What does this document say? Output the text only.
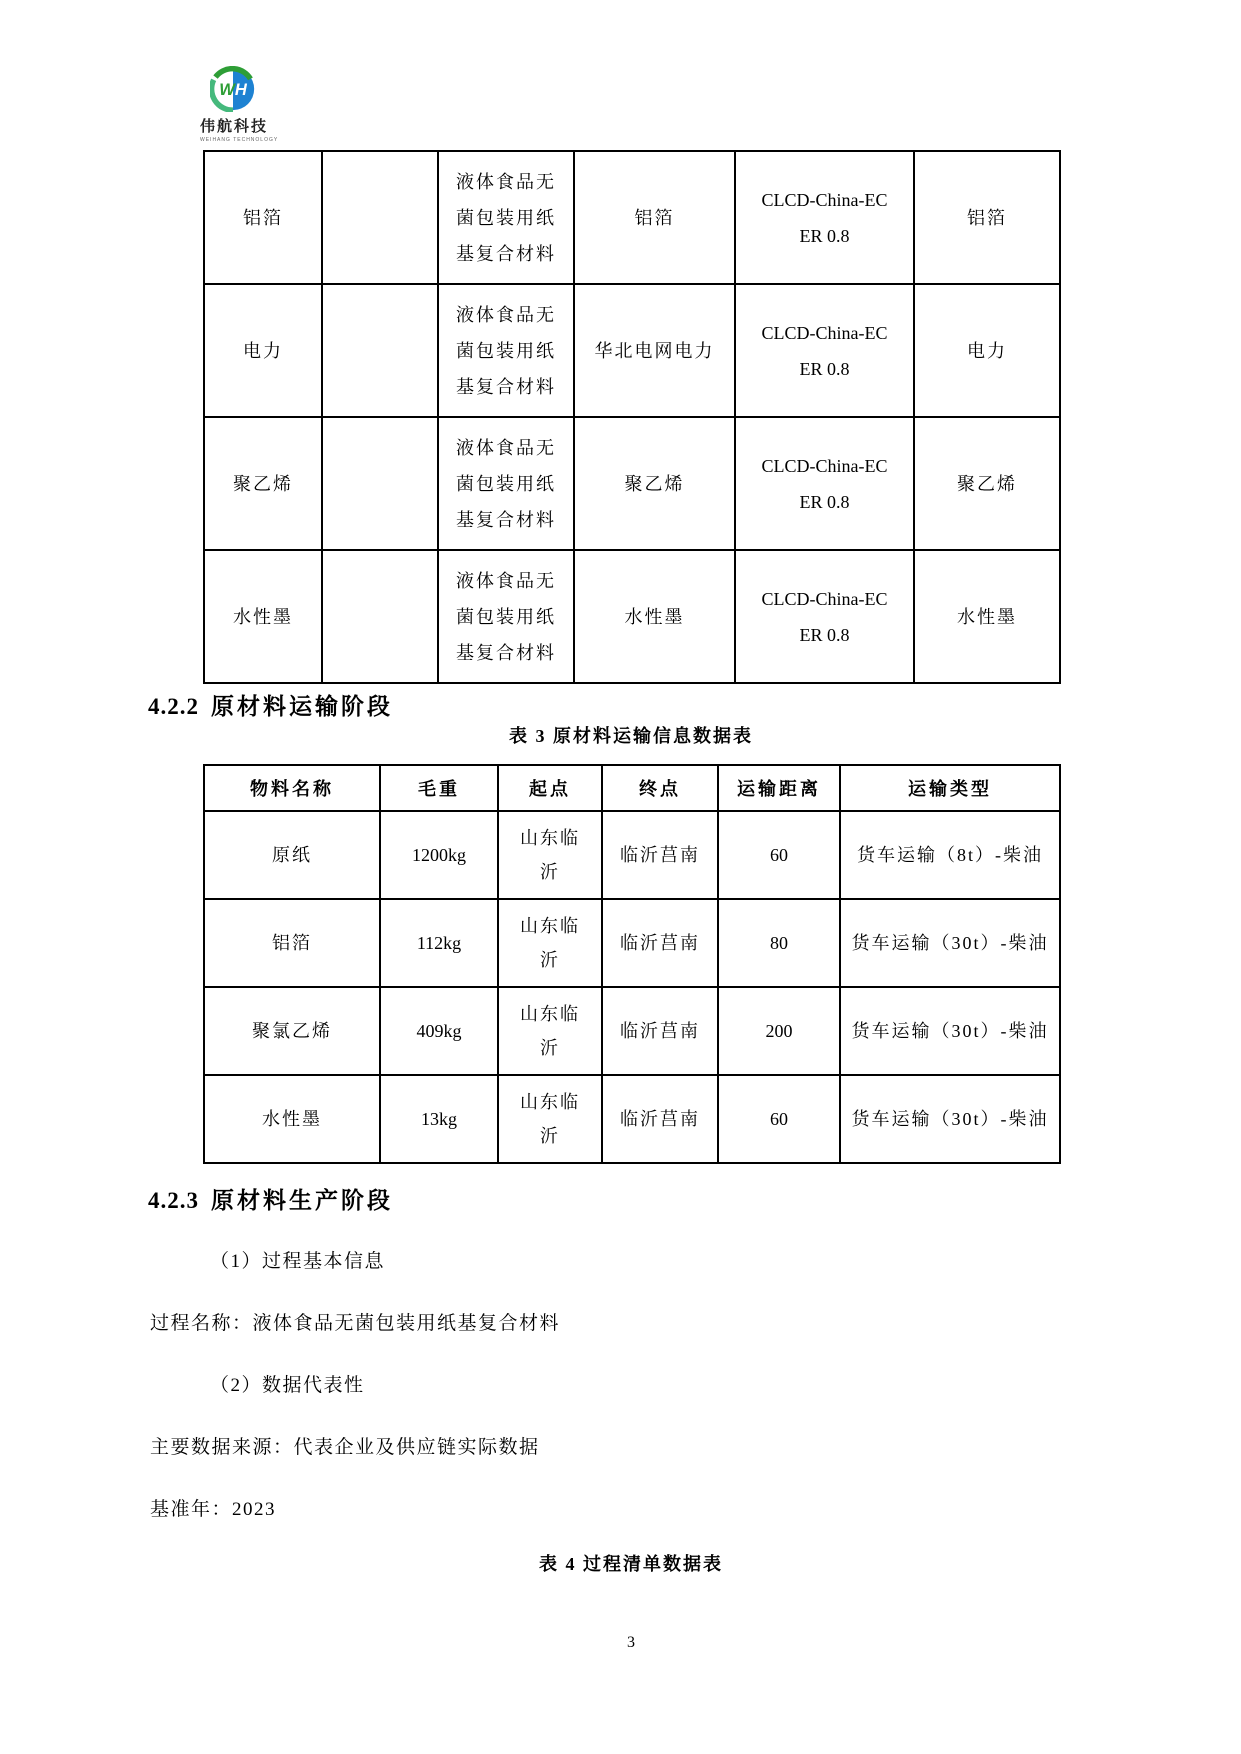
WH
伟航科技
WEIHANG TECHNOLOGY
铝箔		液体食品无菌包装用纸基复合材料	铝箔	CLCD-China-ECER 0.8	铝箔
电力		液体食品无菌包装用纸基复合材料	华北电网电力	CLCD-China-ECER 0.8	电力
聚乙烯		液体食品无菌包装用纸基复合材料	聚乙烯	CLCD-China-ECER 0.8	聚乙烯
水性墨		液体食品无菌包装用纸基复合材料	水性墨	CLCD-China-ECER 0.8	水性墨
4.2.2 原材料运输阶段
表 3 原材料运输信息数据表
物料名称	毛重	起点	终点	运输距离	运输类型
原纸	1200kg	山东临沂	临沂莒南	60	货车运输（8t）-柴油
铝箔	112kg	山东临沂	临沂莒南	80	货车运输（30t）-柴油
聚氯乙烯	409kg	山东临沂	临沂莒南	200	货车运输（30t）-柴油
水性墨	13kg	山东临沂	临沂莒南	60	货车运输（30t）-柴油
4.2.3 原材料生产阶段
（1）过程基本信息
过程名称：液体食品无菌包装用纸基复合材料
（2）数据代表性
主要数据来源：代表企业及供应链实际数据
基准年：2023
表 4 过程清单数据表
3
